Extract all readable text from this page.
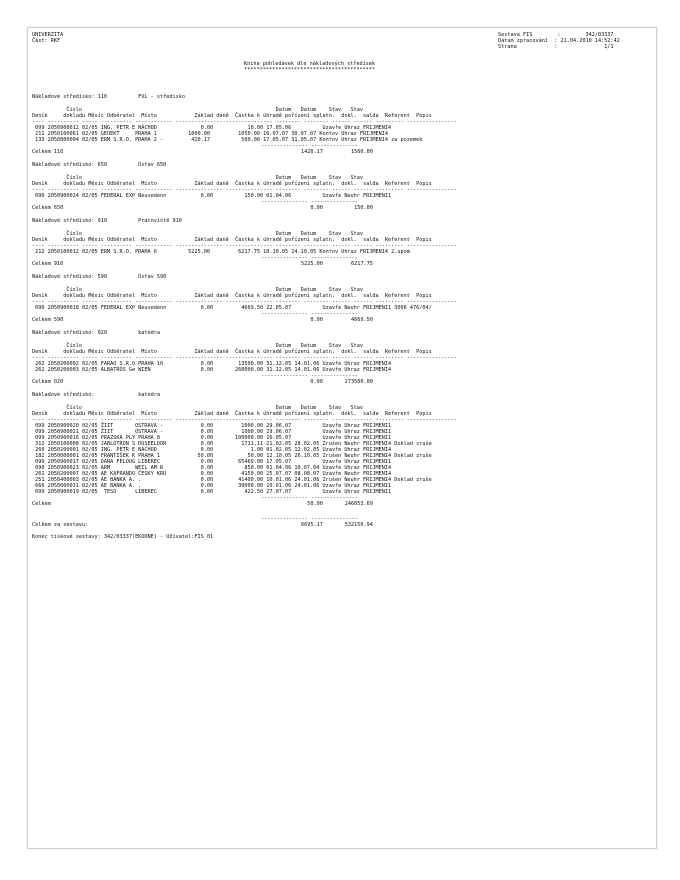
UNIVERZITA
Část: RKF
Sestava FIS        :        342/03337
Datum zpracování  : 21.04.2010 14:52:42
Strana            :               1/1
Kniha pohledávek dle nákladových středisek
******************************************
Nákladové středisko: 110          FVL - středisko
Číslo                                                              Datum   Datum    Stav   Stav
Deník     dokladu Měsíc Odběratel  Místo            Základ daně  Částka k úhradě pořízení splatn.  dokl.  salda  Referent  Popis
---- ---------- ----- ---------- ------------ --------------- --------------- -------- -------- ------ ------ --------- ----------------
099 2050900012 02/05 ING. PETR E NÁCHOD              0.00           10.00 17.05.06          Uzavře Uhraz FRIJMENI4
211 2050100061 02/05 GEOEKT     PRAHA 1          1000.00         1050.00 16.07.07 30.07.07 Kontov Uhraz FRIJMENI4
133 2050800004 02/05 ERM S.R.O. PRAHA 2 -         420.17          500.00 17.05.07 31.05.07 Kontov Uhraz FRIJMENI4 za pozemek
--------------- ---------------
Celkem 110	1420.17         1560.00
Nákladové středisko: 650          Ústav 650
Číslo                                                              Datum   Datum    Stav   Stav
Deník     dokladu Měsíc Odběratel  Místo            Základ daně  Částka k úhradě pořízení splatn.  dokl.  salda  Referent  Popis
---- ---------- ----- ---------- ------------ --------------- --------------- -------- -------- ------ ------ --------- ----------------
090 2050900024 02/05 FEDERAL EXP Neuvedeno           0.00          150.00 01.04.06          Uzavře Neuhr FRIJMENI1
--------------- ---------------
Celkem 650	0.00          150.00
Nákladové středisko: 910          Pracoviště 910
Číslo                                                              Datum   Datum    Stav   Stav
Deník     dokladu Měsíc Odběratel  Místo            Základ daně  Částka k úhradě pořízení splatn.  dokl.  salda  Referent  Popis
---- ---------- ----- ---------- ------------ --------------- --------------- -------- -------- ------ ------ --------- ----------------
212 2050100012 02/05 ERM S.R.O. PRAHA 6          5225.00         6217.75 10.10.05 24.10.05 Kontov Uhraz FRIJMENI4 2.upom
--------------- ---------------
Celkem 910	5225.00         6217.75
Nákladové středisko: 590          Ústav 590
Číslo                                                              Datum   Datum    Stav   Stav
Deník     dokladu Měsíc Odběratel  Místo            Základ daně  Částka k úhradě pořízení splatn.  dokl.  salda  Referent  Popis
---- ---------- ----- ---------- ------------ --------------- --------------- -------- -------- ------ ------ --------- ----------------
090 2050900018 02/05 FEDERAL EXP Neuvedeno           0.00         4669.50 22.05.07          Uzavře Neuhr FRIJMENI1 3006 476/04/
--------------- ---------------
Celkem 590	0.00         4669.50
Nákladové středisko: 020          katedra
Číslo                                                              Datum   Datum    Stav   Stav
Deník     dokladu Měsíc Odběratel  Místo            Základ daně  Částka k úhradě pořízení splatn.  dokl.  salda  Referent  Popis
---- ---------- ----- ---------- ------------ --------------- --------------- -------- -------- ------ ------ --------- ----------------
262 2050200002 02/05 FARAO S.R.O PRAHA 10            0.00        13500.00 31.12.05 14.01.06 Uzavře Uhraz FRIJMENI4
262 2050200003 02/05 ALBATROS Ge WIEN                0.00       260000.00 31.12.05 14.01.06 Uzavře Uhraz FRIJMENI4
--------------- ---------------
Celkem 020	0.00       273500.00
Nákladové středisko:              katedra
Číslo                                                              Datum   Datum    Stav   Stav
Deník     dokladu Měsíc Odběratel  Místo            Základ daně  Částka k úhradě pořízení splatn.  dokl.  salda  Referent  Popis
---- ---------- ----- ---------- ------------ --------------- --------------- -------- -------- ------ ------ --------- ----------------
099 2050900020 02/05 ŽIIT       OSTRAVA -            0.00         1000.00 29.06.07          Uzavře Uhraz FRIJMENI1
099 2050900021 02/05 ŽIIT       OSTRAVA -            0.00         1000.00 29.06.07          Uzavře Uhraz FRIJMENI1
099 2050900016 02/05 PRAZSKA PLY PRAHA 8             0.00       100000.00 16.05.07          Uzavře Uhraz FRIJMENI1
312 2050100008 02/05 JABLOTRON S DUSEELDOR           0.00         1711.11 21.02.05 28.02.05 Zrušen Neuhr FRIJMENI4 Doklad zruše
260 2050200001 02/05 ING. PETR E NÁCHOD              0.00            1.00 01.02.05 12.02.05 Uzavře Uhraz FRIJMENI4
182 2050000001 02/05 FRANTIŠEK K PRAHA 1            50.00           50.00 12.10.05 26.10.05 Zrušen Neuhr FRIJMENI4 Doklad zruše
090 2050900017 02/05 DANA FELOOG LIBEREC             0.00        65469.00 17.05.07          Uzavře Uhraz FRIJMENI1
090 2050900023 02/05 ARM        WEIL AM R            0.00          850.00 01.04.06 10.07.04 Uzavře Uhraz FRIJMENI4
261 2050200007 02/05 AE KAFRANDO ČESKY KRU           0.00         4150.00 25.07.07 08.08.07 Uzavře Neuhr FRIJMENI4
251 2050400003 02/05 AE BANKA A. .                   0.00        41400.00 10.01.06 24.01.06 Zrušen Neuhr FRIJMENI4 Doklad zruše
666 2050000031 02/05 AE BANKA A. .                   0.00        30000.00 10.01.06 24.01.06 Uzavře Uhraz FRIJMENI1
099 2050900019 02/05  TESO      LIBEREC              0.00          422.50 27.07.07          Uzavře Uhraz FRIJMENI1
--------------- ---------------
Celkem	50.00       246053.69
--------------- ---------------
Celkem za sestavu:	6695.17       532150.94
Konec tiskové sestavy: 342/03337(EKODNE) - Uživatel:FIS_01
